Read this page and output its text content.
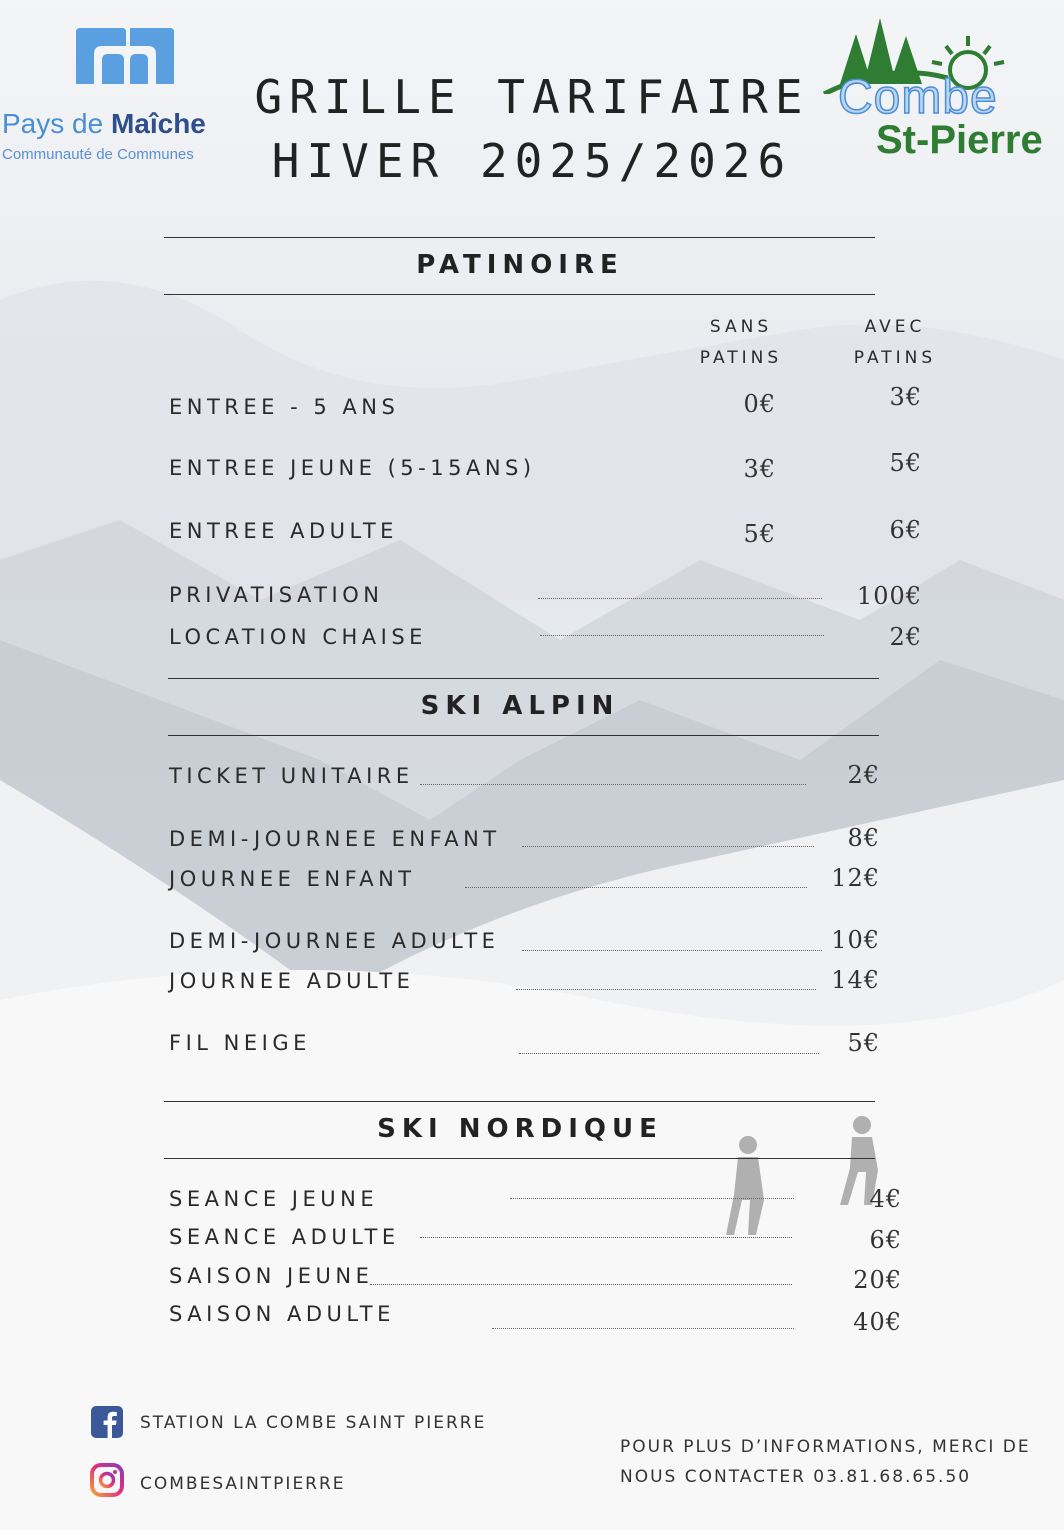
Pays de Maîche
Communauté de Communes
GRILLE TARIFAIRE
HIVER 2025/2026
Combe
St-Pierre
PATINOIRE
SANS
PATINS
AVEC
PATINS
ENTREE - 5 ANS	0€	3€
ENTREE JEUNE (5-15ANS)	3€	5€
ENTREE ADULTE	5€	6€
PRIVATISATION	100€
LOCATION CHAISE	2€
SKI ALPIN
TICKET UNITAIRE	2€
DEMI-JOURNEE ENFANT	8€
JOURNEE ENFANT	12€
DEMI-JOURNEE ADULTE	10€
JOURNEE ADULTE	14€
FIL NEIGE	5€
SKI NORDIQUE
SEANCE JEUNE	4€
SEANCE ADULTE	6€
SAISON JEUNE	20€
SAISON ADULTE	40€
STATION LA COMBE SAINT PIERRE
COMBESAINTPIERRE
POUR PLUS D’INFORMATIONS, MERCI DE
NOUS CONTACTER 03.81.68.65.50
